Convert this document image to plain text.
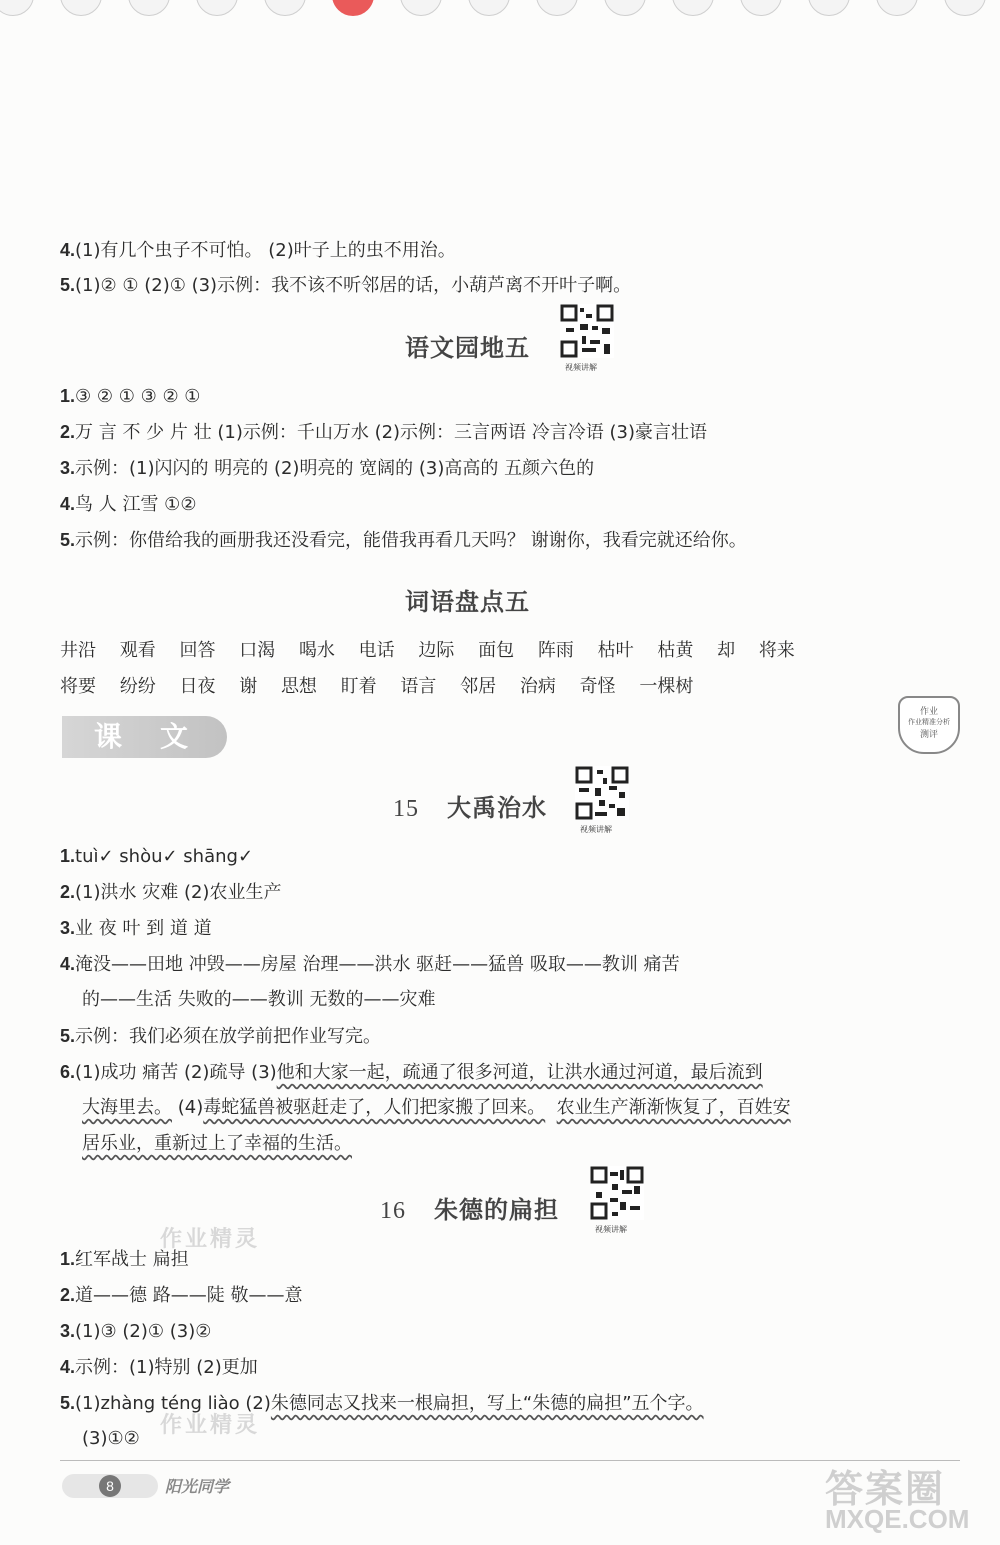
4.(1)有几个虫子不可怕。 (2)叶子上的虫不用治。
5.(1)② ① (2)① (3)示例：我不该不听邻居的话，小葫芦离不开叶子啊。
语文园地五
视频讲解
1.③ ② ① ③ ② ①
2.万 言 不 少 片 壮 (1)示例：千山万水 (2)示例：三言两语 冷言冷语 (3)豪言壮语
3.示例：(1)闪闪的 明亮的 (2)明亮的 宽阔的 (3)高高的 五颜六色的
4.鸟 人 江雪 ①②
5.示例：你借给我的画册我还没看完，能借我再看几天吗？ 谢谢你，我看完就还给你。
词语盘点五
井沿 观看 回答 口渴 喝水 电话 边际 面包 阵雨 枯叶 枯黄 却 将来
将要 纷纷 日夜 谢 思想 盯着 语言 邻居 治病 奇怪 一棵树
课文
作业
作业精准分析
测评
15 大禹治水
视频讲解
1.tuì✓ shòu✓ shāng✓
2.(1)洪水 灾难 (2)农业生产
3.业 夜 叶 到 道 道
4.淹没——田地 冲毁——房屋 治理——洪水 驱赶——猛兽 吸取——教训 痛苦
的——生活 失败的——教训 无数的——灾难
5.示例：我们必须在放学前把作业写完。
6.(1)成功 痛苦 (2)疏导 (3)他和大家一起，疏通了很多河道，让洪水通过河道，最后流到
大海里去。 (4)毒蛇猛兽被驱赶走了，人们把家搬了回来。 农业生产渐渐恢复了，百姓安
居乐业，重新过上了幸福的生活。
16 朱德的扁担
视频讲解
作业精灵
1.红军战士 扁担
2.道——德 路——陡 敬——意
3.(1)③ (2)① (3)②
4.示例：(1)特别 (2)更加
5.(1)zhàng téng liào (2)朱德同志又找来一根扁担，写上“朱德的扁担”五个字。
作业精灵
(3)①②
8	阳光同学	答案圈
MXQE.COM
